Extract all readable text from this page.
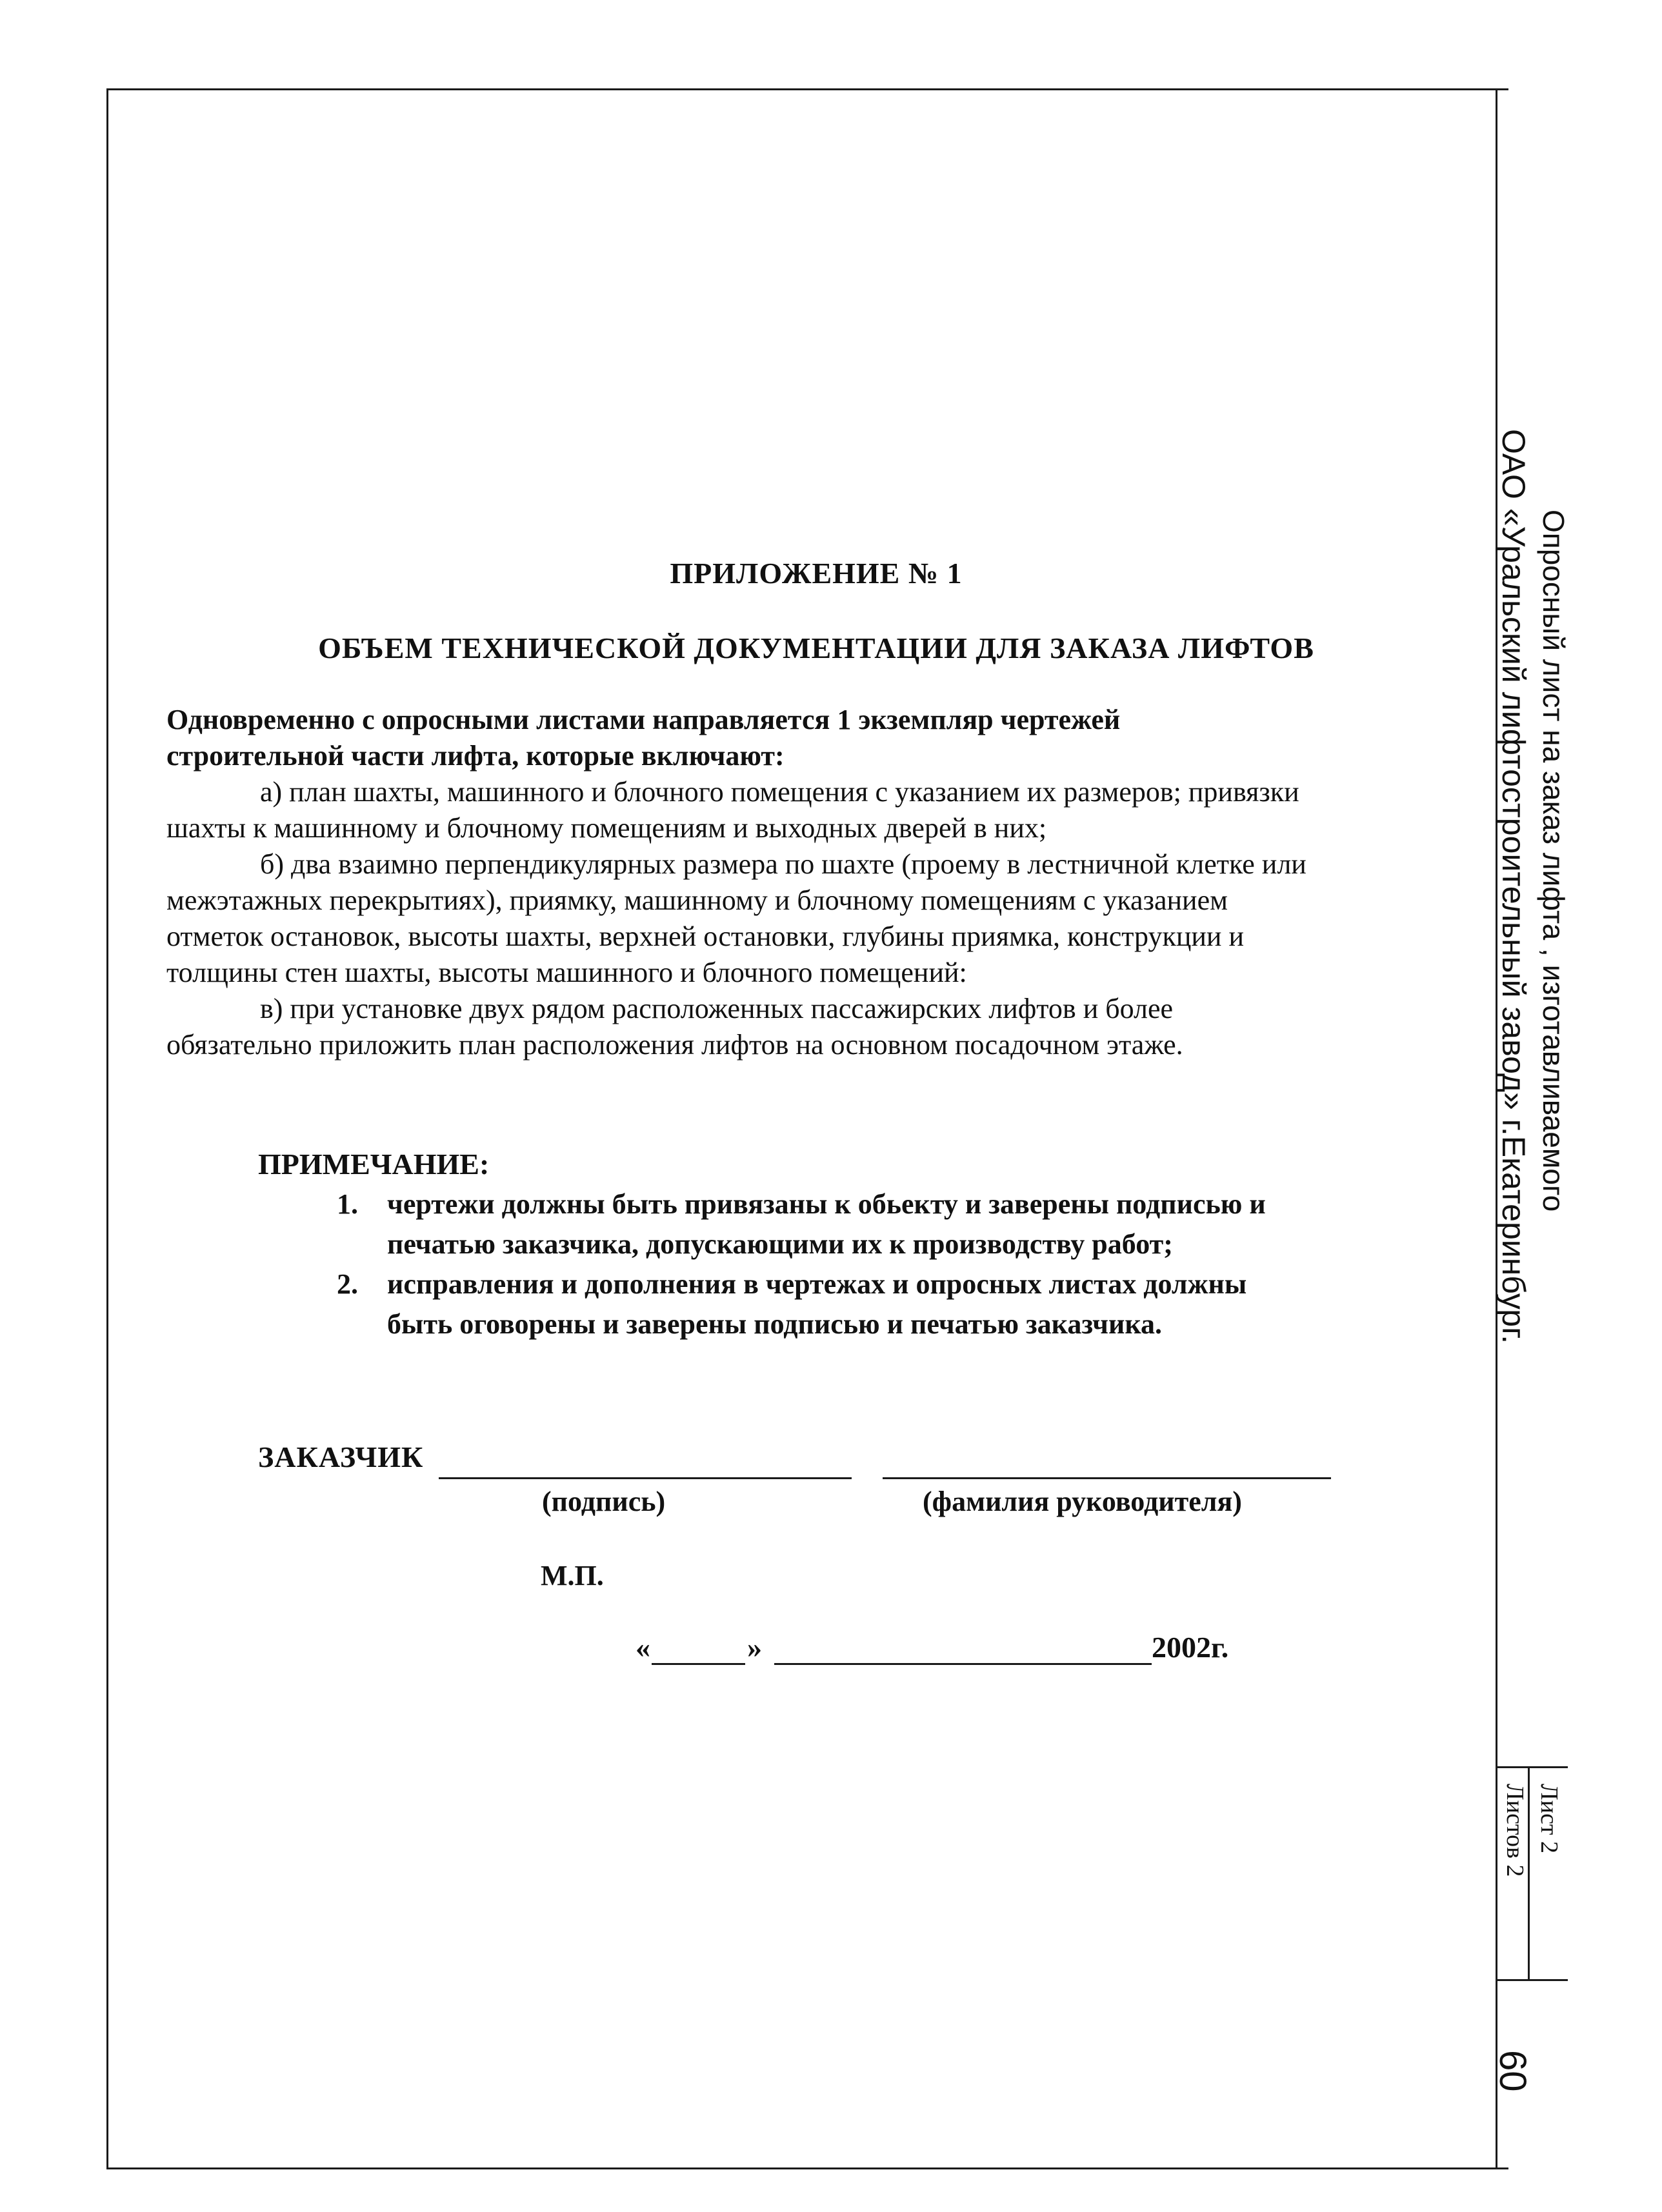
ПРИЛОЖЕНИЕ № 1
ОБЪЕМ ТЕХНИЧЕСКОЙ ДОКУМЕНТАЦИИ ДЛЯ ЗАКАЗА ЛИФТОВ

Одновременно с опросными листами направляется 1 экземпляр чертежей

строительной части лифта, которые включают:

а) план шахты, машинного и блочного помещения с указанием их размеров; привязки

шахты к машинному и блочному помещениям и выходных дверей в них;

б) два взаимно перпендикулярных размера по шахте (проему в лестничной клетке или

межэтажных перекрытиях), приямку, машинному и блочному помещениям с указанием

отметок остановок, высоты шахты, верхней остановки, глубины приямка, конструкции и

толщины стен шахты, высоты машинного и блочного помещений:

в) при установке двух рядом расположенных пассажирских лифтов и более

обязательно приложить план расположения лифтов на основном посадочном этаже.

ПРИМЕЧАНИЕ:
1. чертежи должны быть привязаны к обьекту и заверены подписью и
печатью заказчика, допускающими их к производству работ;
2. исправления и дополнения в чертежах и опросных листах должны
быть оговорены и заверены подписью и печатью заказчика.
ЗАКАЗЧИК
(подпись)	(фамилия руководителя)
М.П.
«	»	2002г.
Опросный лист на заказ лифта , изготавливаемого
ОАО «Уральский лифтостроительный завод» г.Екатеринбург.
Лист 2
Листов 2
60
